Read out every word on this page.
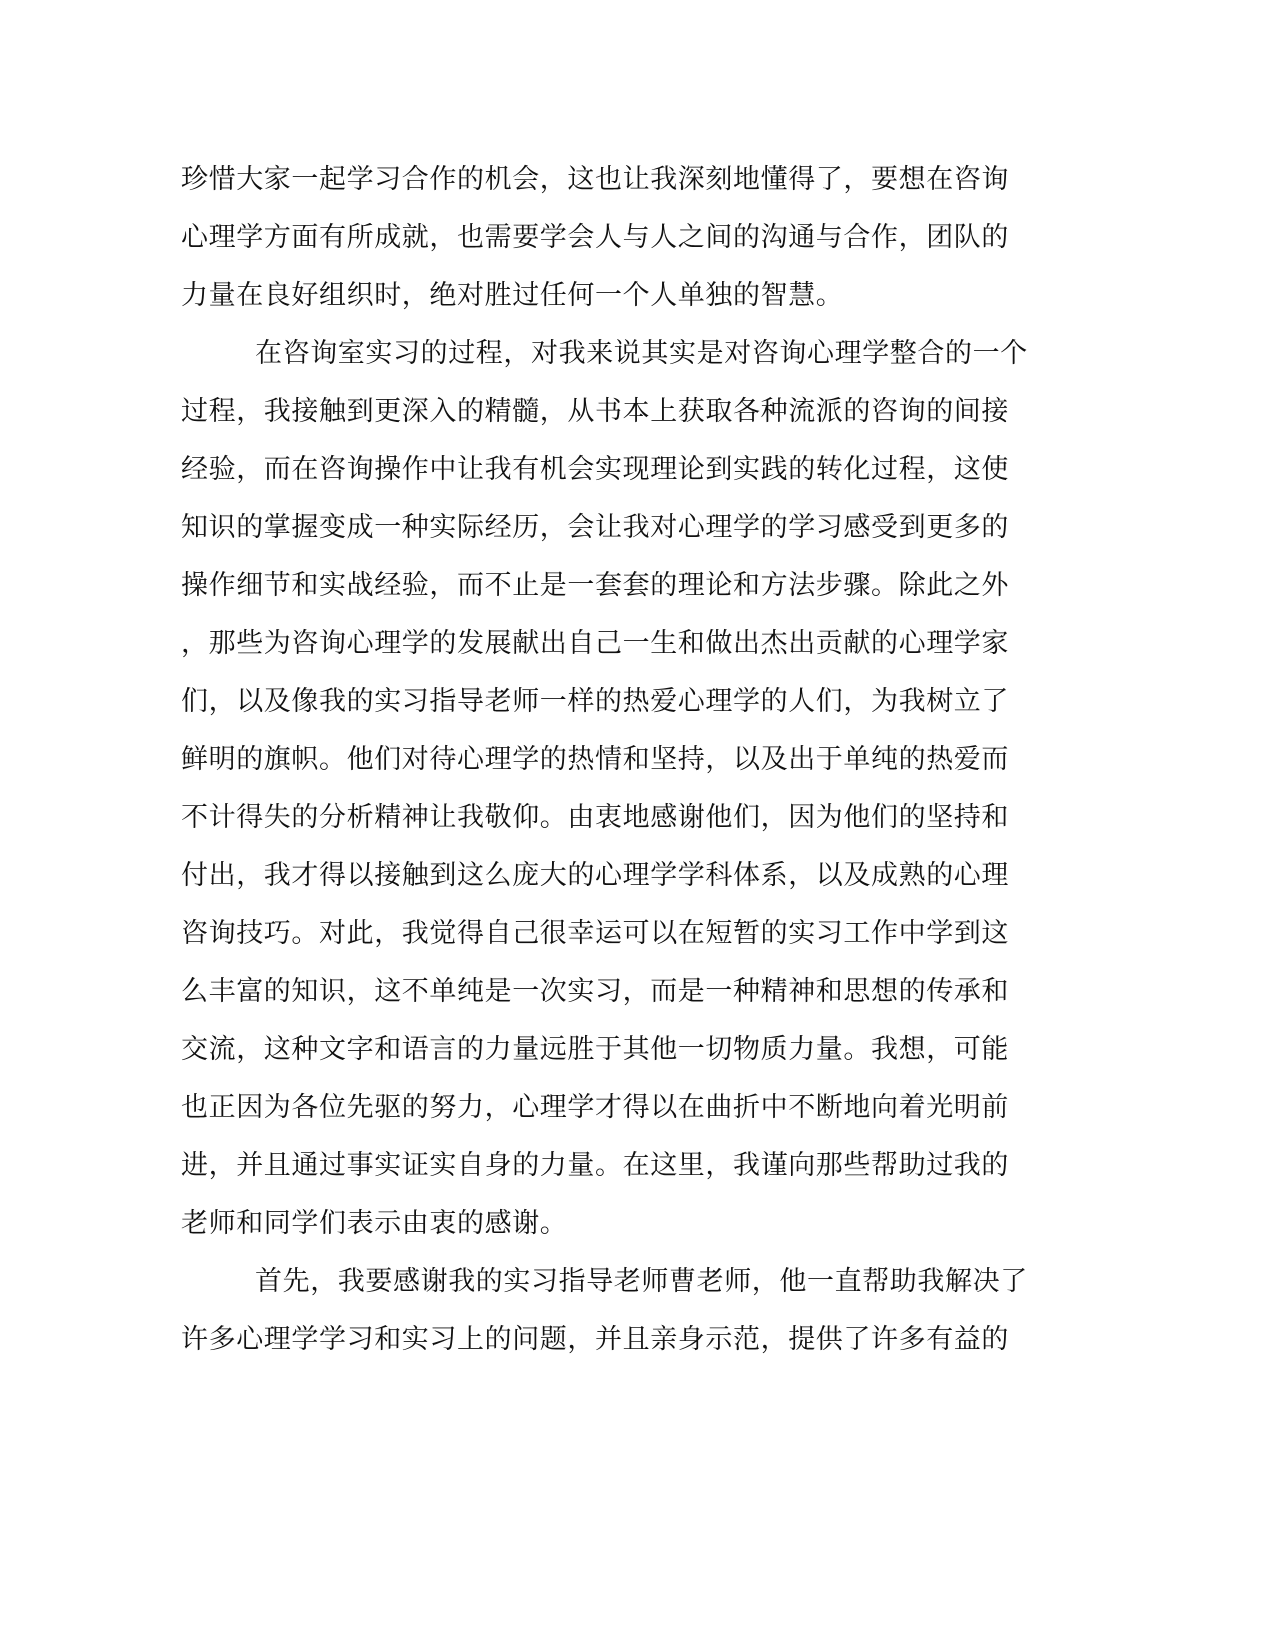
珍惜大家一起学习合作的机会，这也让我深刻地懂得了，要想在咨询
心理学方面有所成就，也需要学会人与人之间的沟通与合作，团队的
力量在良好组织时，绝对胜过任何一个人单独的智慧。
在咨询室实习的过程，对我来说其实是对咨询心理学整合的一个
过程，我接触到更深入的精髓，从书本上获取各种流派的咨询的间接
经验，而在咨询操作中让我有机会实现理论到实践的转化过程，这使
知识的掌握变成一种实际经历，会让我对心理学的学习感受到更多的
操作细节和实战经验，而不止是一套套的理论和方法步骤。除此之外
，那些为咨询心理学的发展献出自己一生和做出杰出贡献的心理学家
们，以及像我的实习指导老师一样的热爱心理学的人们，为我树立了
鲜明的旗帜。他们对待心理学的热情和坚持，以及出于单纯的热爱而
不计得失的分析精神让我敬仰。由衷地感谢他们，因为他们的坚持和
付出，我才得以接触到这么庞大的心理学学科体系，以及成熟的心理
咨询技巧。对此，我觉得自己很幸运可以在短暂的实习工作中学到这
么丰富的知识，这不单纯是一次实习，而是一种精神和思想的传承和
交流，这种文字和语言的力量远胜于其他一切物质力量。我想，可能
也正因为各位先驱的努力，心理学才得以在曲折中不断地向着光明前
进，并且通过事实证实自身的力量。在这里，我谨向那些帮助过我的
老师和同学们表示由衷的感谢。
首先，我要感谢我的实习指导老师曹老师，他一直帮助我解决了
许多心理学学习和实习上的问题，并且亲身示范，提供了许多有益的
